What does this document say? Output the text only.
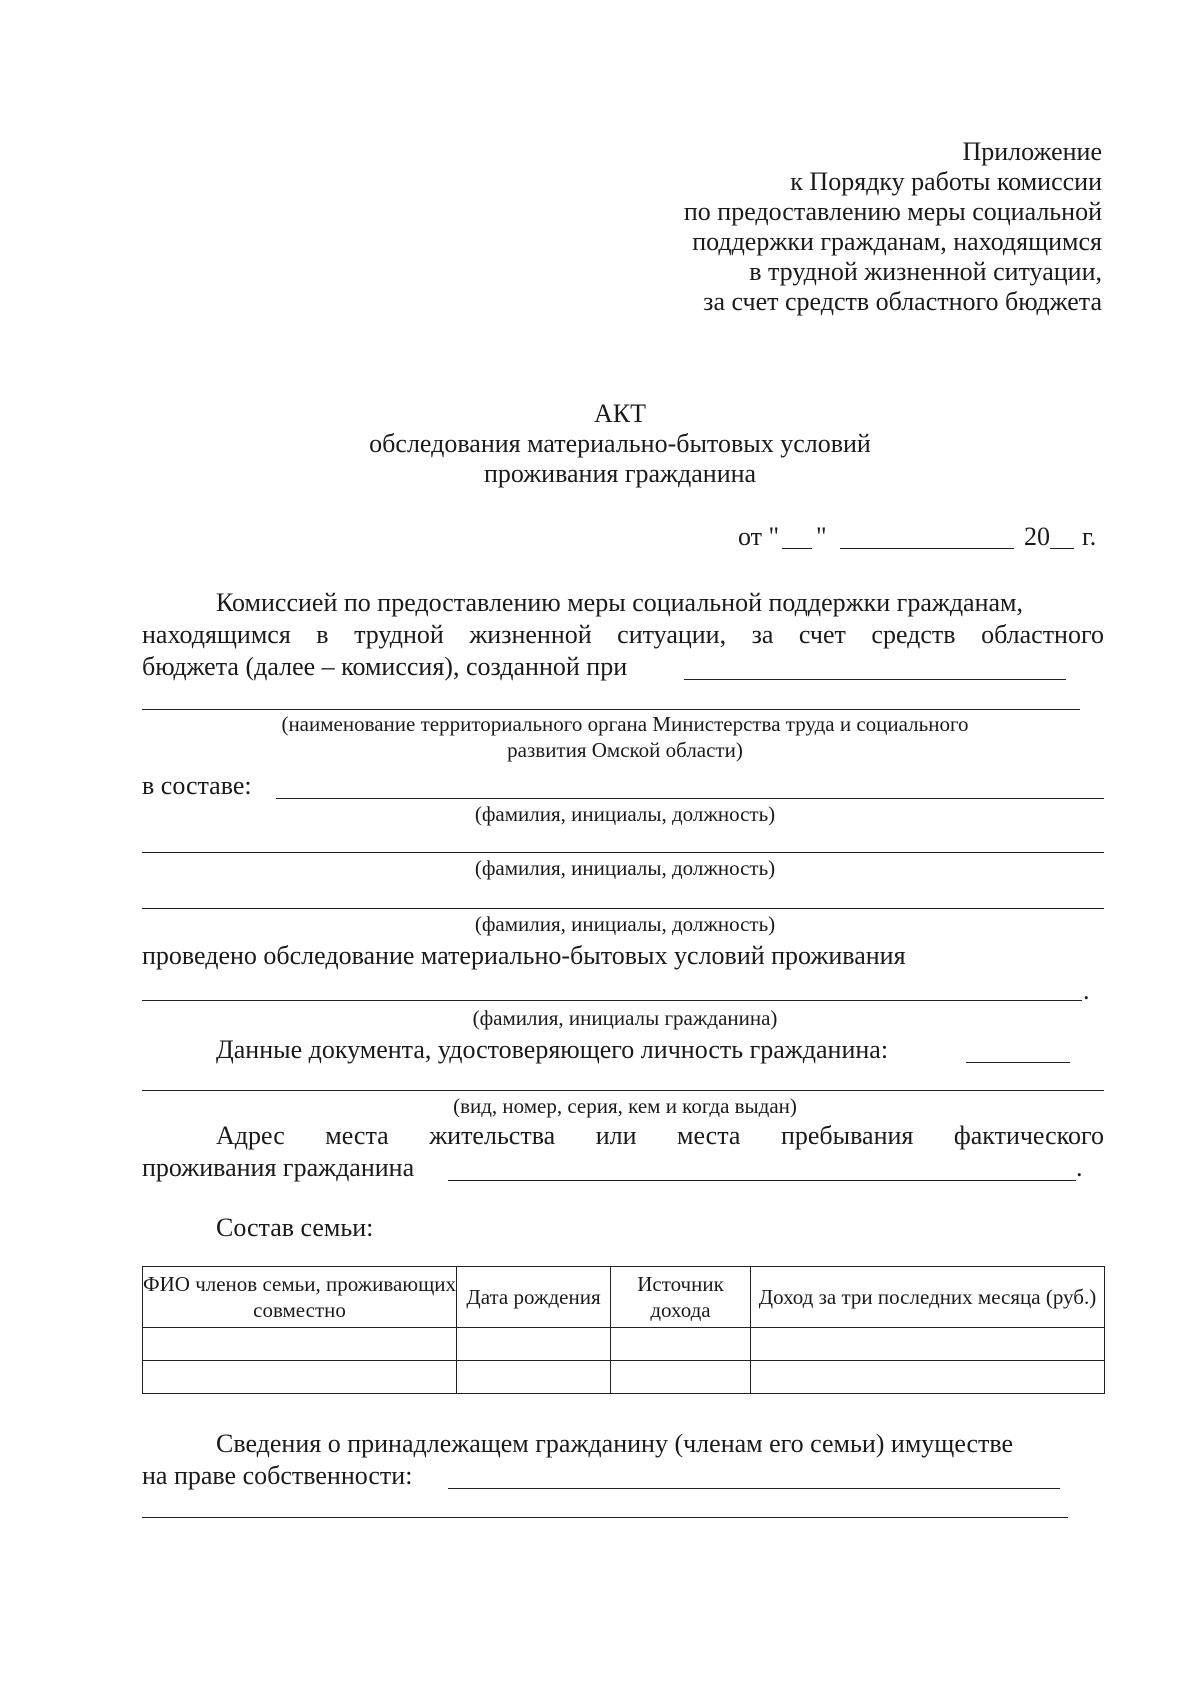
Приложение
к Порядку работы комиссии
по предоставлению меры социальной
поддержки гражданам, находящимся
в трудной жизненной ситуации,
за счет средств областного бюджета
АКТ
обследования материально-бытовых условий
проживания гражданина
от " "	20 г.
Комиссией по предоставлению меры социальной поддержки гражданам,
находящимся в трудной жизненной ситуации, за счет средств областного
бюджета (далее – комиссия), созданной при
(наименование территориального органа Министерства труда и социального
развития Омской области)
в составе:
(фамилия, инициалы, должность)
(фамилия, инициалы, должность)
(фамилия, инициалы, должность)
проведено обследование материально-бытовых условий проживания
.
(фамилия, инициалы гражданина)
Данные документа, удостоверяющего личность гражданина:
(вид, номер, серия, кем и когда выдан)
Адрес места жительства или места пребывания фактического
проживания гражданина	.
Состав семьи:
ФИО членов семьи, проживающих совместно	Дата рождения	Источник дохода	Доход за три последних месяца (руб.)

Сведения о принадлежащем гражданину (членам его семьи) имуществе
на праве собственности:
